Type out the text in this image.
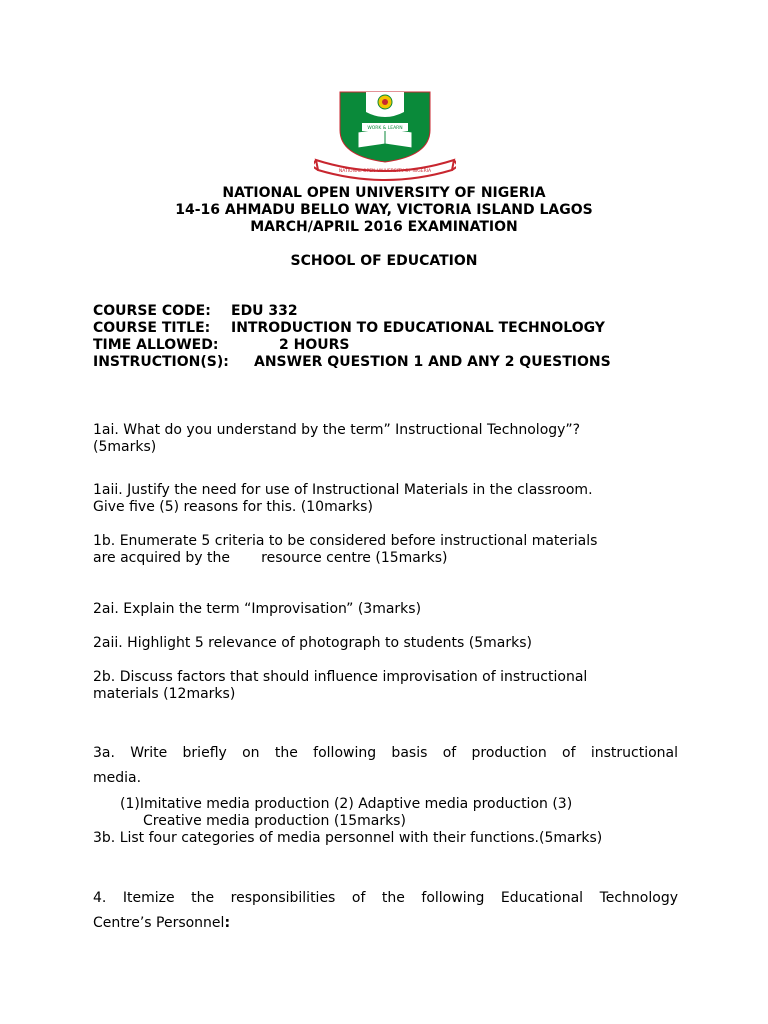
NATIONAL OPEN UNIVERSITY OF NIGERIA
WORK & LEARN
NATIONAL OPEN UNIVERSITY OF NIGERIA
14-16 AHMADU BELLO WAY, VICTORIA ISLAND LAGOS
MARCH/APRIL 2016 EXAMINATION
SCHOOL OF EDUCATION
COURSE CODE: EDU 332
COURSE TITLE: INTRODUCTION TO EDUCATIONAL TECHNOLOGY
TIME ALLOWED:	2 HOURS
INSTRUCTION(S): ANSWER QUESTION 1 AND ANY 2 QUESTIONS

1ai. What do you understand by the term” Instructional Technology”?

(5marks)

1aii. Justify the need for use of Instructional Materials in the classroom.

Give five (5) reasons for this. (10marks)

1b. Enumerate 5 criteria to be considered before instructional materials

are acquired by the       resource centre (15marks)

2ai. Explain the term “Improvisation” (3marks)

2aii. Highlight 5 relevance of photograph to students (5marks)

2b. Discuss factors that should influence improvisation of instructional

materials (12marks)

3a. Write briefly on the following basis of production of instructional

media.

(1)Imitative media production (2) Adaptive media production (3)

Creative media production (15marks)

3b. List four categories of media personnel with their functions.(5marks)

4. Itemize the responsibilities of the following Educational Technology

Centre’s Personnel:
